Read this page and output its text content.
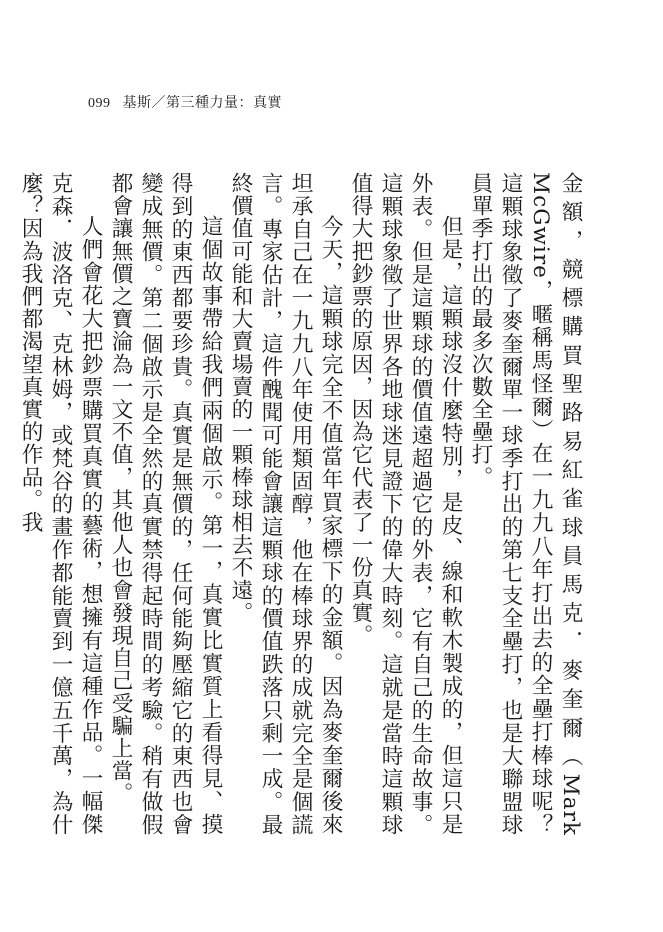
099 基斯／第三種力量：真實

金額，競標購買聖路易紅雀球員馬克．麥奎爾（Mark McGwire，暱稱馬怪爾）在一九九八年打出去的全壘打棒球呢？這顆球象徵了麥奎爾單一球季打出的第七支全壘打，也是大聯盟球員單季打出的最多次數全壘打。

但是，這顆球沒什麼特別，是皮、線和軟木製成的，但這只是外表。但是這顆球的價值遠超過它的外表，它有自己的生命故事。這顆球象徵了世界各地球迷見證下的偉大時刻。這就是當時這顆球值得大把鈔票的原因，因為它代表了一份真實。

今天，這顆球完全不值當年買家標下的金額。因為麥奎爾後來坦承自己在一九九八年使用類固醇，他在棒球界的成就完全是個謊言。專家估計，這件醜聞可能會讓這顆球的價值跌落只剩一成。最終價值可能和大賣場賣的一顆棒球相去不遠。

這個故事帶給我們兩個啟示。第一，真實比實質上看得見、摸得到的東西都要珍貴。真實是無價的，任何能夠壓縮它的東西也會變成無價。第二個啟示是全然的真實禁得起時間的考驗。稍有做假都會讓無價之寶淪為一文不值，其他人也會發現自己受騙上當。

人們會花大把鈔票購買真實的藝術，想擁有這種作品。一幅傑克森．波洛克、克林姆，或梵谷的畫作都能賣到一億五千萬，為什麼？因為我們都渴望真實的作品。我
